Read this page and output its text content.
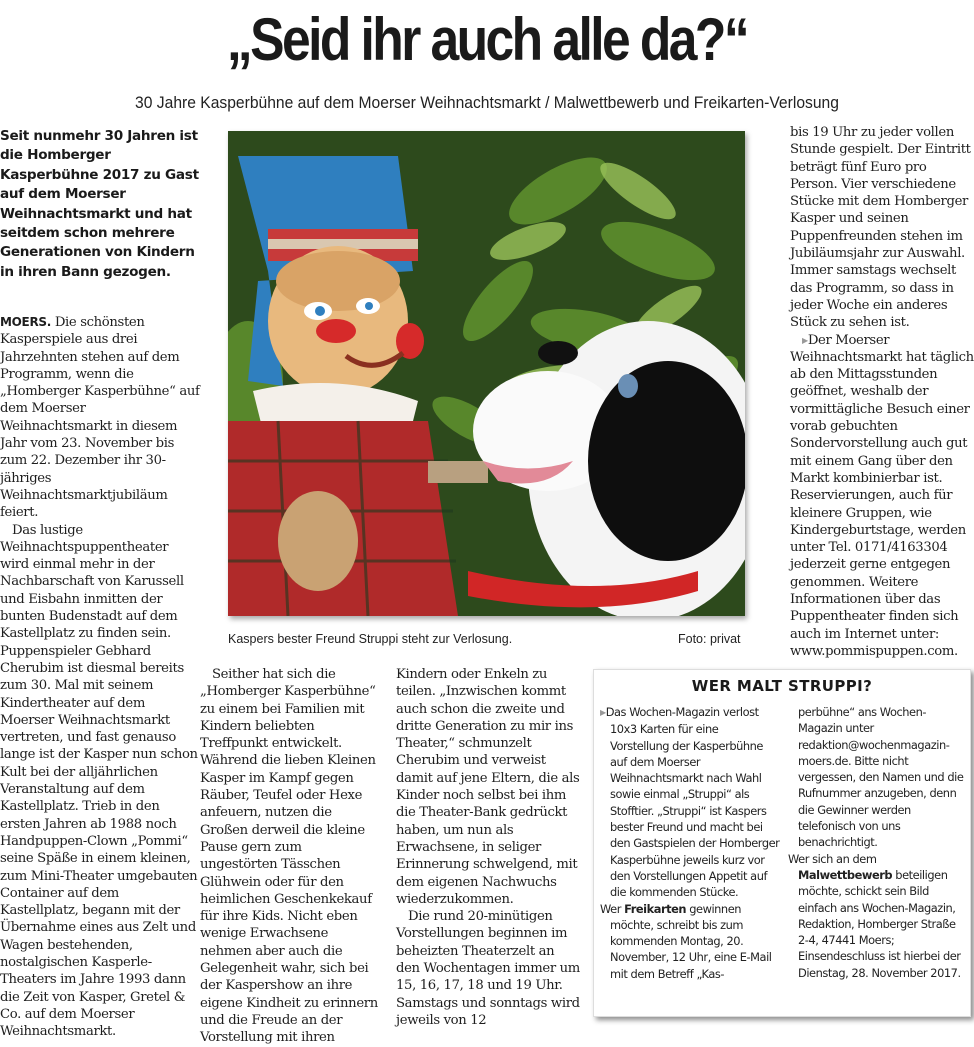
„Seid ihr auch alle da?“
30 Jahre Kasperbühne auf dem Moerser Weihnachtsmarkt / Malwettbewerb und Freikarten-Verlosung
Seit nunmehr 30 Jahren ist die Homberger Kasperbühne 2017 zu Gast auf dem Moerser Weihnachtsmarkt und hat seitdem schon mehrere Generationen von Kindern in ihren Bann gezogen.

MOERS. Die schönsten Kasperspiele aus drei Jahrzehnten stehen auf dem Programm, wenn die „Homberger Kasperbühne“ auf dem Moerser Weihnachtsmarkt in diesem Jahr vom 23. November bis zum 22. Dezember ihr 30-jähriges Weihnachtsmarktjubiläum feiert.

Das lustige Weihnachtspuppentheater wird einmal mehr in der Nachbarschaft von Karussell und Eisbahn inmitten der bunten Budenstadt auf dem Kastellplatz zu finden sein. Puppenspieler Gebhard Cherubim ist diesmal bereits zum 30. Mal mit seinem Kindertheater auf dem Moerser Weihnachtsmarkt vertreten, und fast genauso lange ist der Kasper nun schon Kult bei der alljährlichen Veranstaltung auf dem Kastellplatz. Trieb in den ersten Jahren ab 1988 noch Handpuppen-Clown „Pommi“ seine Späße in einem kleinen, zum Mini-Theater umgebauten Container auf dem Kastellplatz, begann mit der Übernahme eines aus Zelt und Wagen bestehenden, nostalgischen Kasperle-Theaters im Jahre 1993 dann die Zeit von Kasper, Gretel & Co. auf dem Moerser Weihnachtsmarkt.

Kaspers bester Freund Struppi steht zur Verlosung.	Foto: privat

Seither hat sich die „Homberger Kasperbühne“ zu einem bei Familien mit Kindern beliebten Treffpunkt entwickelt. Während die lieben Kleinen Kasper im Kampf gegen Räuber, Teufel oder Hexe anfeuern, nutzen die Großen derweil die kleine Pause gern zum ungestörten Tässchen Glühwein oder für den heimlichen Geschenkekauf für ihre Kids. Nicht eben wenige Erwachsene nehmen aber auch die Gelegenheit wahr, sich bei der Kaspershow an ihre eigene Kindheit zu erinnern und die Freude an der Vorstellung mit ihren

Kindern oder Enkeln zu teilen. „Inzwischen kommt auch schon die zweite und dritte Generation zu mir ins Theater,“ schmunzelt Cherubim und verweist damit auf jene Eltern, die als Kinder noch selbst bei ihm die Theater-Bank gedrückt haben, um nun als Erwachsene, in seliger Erinnerung schwelgend, mit dem eigenen Nachwuchs wiederzukommen.

Die rund 20-minütigen Vorstellungen beginnen im beheizten Theaterzelt an den Wochentagen immer um 15, 16, 17, 18 und 19 Uhr. Samstags und sonntags wird jeweils von 12

bis 19 Uhr zu jeder vollen Stunde gespielt. Der Eintritt beträgt fünf Euro pro Person. Vier verschiedene Stücke mit dem Homberger Kasper und seinen Puppenfreunden stehen im Jubiläumsjahr zur Auswahl. Immer samstags wechselt das Programm, so dass in jeder Woche ein anderes Stück zu sehen ist.

▶Der Moerser Weihnachtsmarkt hat täglich ab den Mittagsstunden geöffnet, weshalb der vormittägliche Besuch einer vorab gebuchten Sondervorstellung auch gut mit einem Gang über den Markt kombinierbar ist. Reservierungen, auch für kleinere Gruppen, wie Kindergeburtstage, werden unter Tel. 0171/4163304 jederzeit gerne entgegen genommen. Weitere Informationen über das Puppentheater finden sich auch im Internet unter: www.pommispuppen.com.

WER MALT STRUPPI?

▶Das Wochen-Magazin verlost 10x3 Karten für eine Vorstellung der Kasperbühne auf dem Moerser Weihnachtsmarkt nach Wahl sowie einmal „Struppi“ als Stofftier. „Struppi“ ist Kaspers bester Freund und macht bei den Gastspielen der Homberger Kasperbühne jeweils kurz vor den Vorstellungen Appetit auf die kommenden Stücke.

Wer Freikarten gewinnen möchte, schreibt bis zum kommenden Montag, 20. November, 12 Uhr, eine E-Mail mit dem Betreff „Kas-

perbühne“ ans Wochen-Magazin unter redaktion@wochenmagazin-moers.de. Bitte nicht vergessen, den Namen und die Rufnummer anzugeben, denn die Gewinner werden telefonisch von uns benachrichtigt.

Wer sich an dem Malwettbewerb beteiligen möchte, schickt sein Bild einfach ans Wochen-Magazin, Redaktion, Homberger Straße 2-4, 47441 Moers; Einsendeschluss ist hierbei der Dienstag, 28. November 2017.
